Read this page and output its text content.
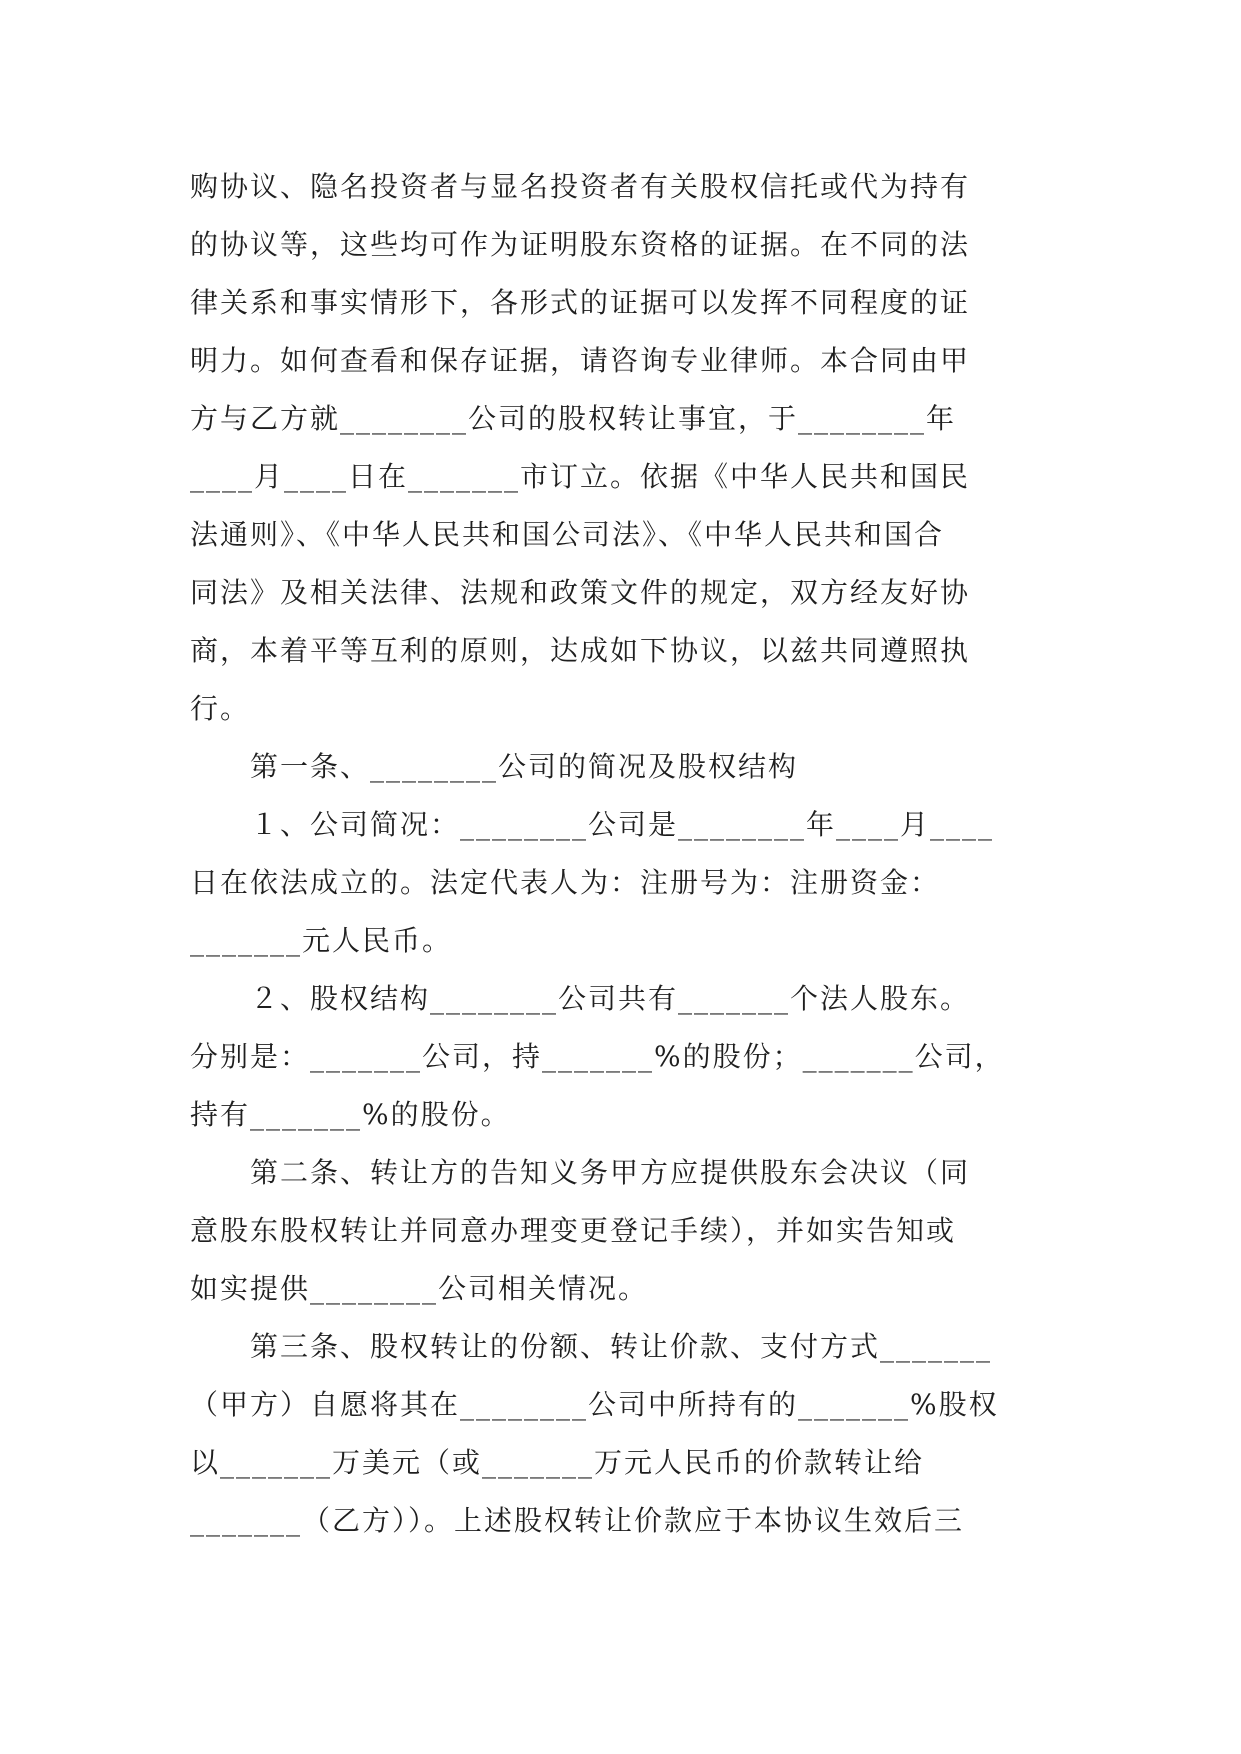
购协议、隐名投资者与显名投资者有关股权信托或代为持有
的协议等，这些均可作为证明股东资格的证据。在不同的法
律关系和事实情形下，各形式的证据可以发挥不同程度的证
明力。如何查看和保存证据，请咨询专业律师。本合同由甲
方与乙方就________公司的股权转让事宜，于________年
____月____日在_______市订立。依据《中华人民共和国民
法通则》、《中华人民共和国公司法》、《中华人民共和国合
同法》及相关法律、法规和政策文件的规定，双方经友好协
商，本着平等互利的原则，达成如下协议，以兹共同遵照执
行。
　　第一条、________公司的简况及股权结构
　　１、公司简况：________公司是________年____月____
日在依法成立的。法定代表人为：注册号为：注册资金：
_______元人民币。
　　２、股权结构________公司共有_______个法人股东。
分别是：_______公司，持_______%的股份；_______公司，
持有_______%的股份。
　　第二条、转让方的告知义务甲方应提供股东会决议（同
意股东股权转让并同意办理变更登记手续），并如实告知或
如实提供________公司相关情况。
　　第三条、股权转让的份额、转让价款、支付方式_______
（甲方）自愿将其在________公司中所持有的_______%股权
以_______万美元（或_______万元人民币的价款转让给
_______（乙方））。上述股权转让价款应于本协议生效后三
